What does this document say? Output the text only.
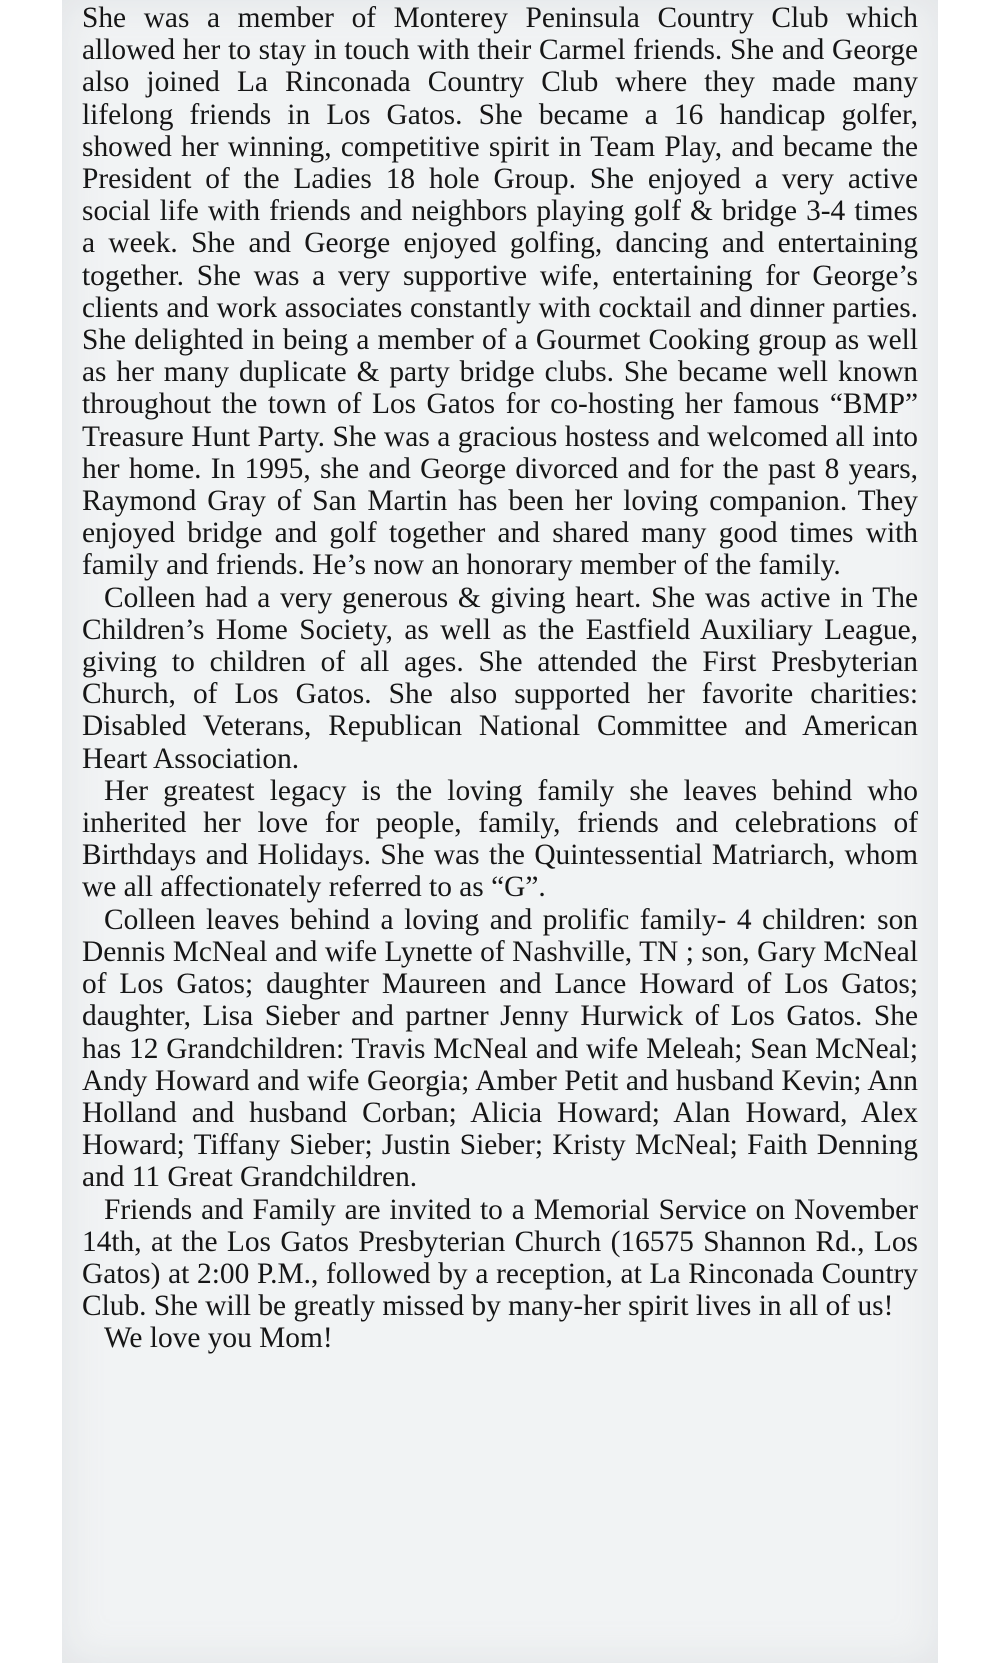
She was a member of Monterey Peninsula Country Club which allowed her to stay in touch with their Carmel friends. She and George also joined La Rinconada Country Club where they made many lifelong friends in Los Gatos. She became a 16 handicap golfer, showed her winning, competitive spirit in Team Play, and became the President of the Ladies 18 hole Group. She enjoyed a very active social life with friends and neighbors playing golf & bridge 3-4 times a week. She and George enjoyed golfing, dancing and entertaining together. She was a very supportive wife, entertaining for George’s clients and work associates constantly with cocktail and dinner parties. She delighted in being a member of a Gourmet Cooking group as well as her many duplicate & party bridge clubs. She became well known throughout the town of Los Gatos for co-hosting her famous “BMP” Treasure Hunt Party. She was a gracious hostess and welcomed all into her home. In 1995, she and George divorced and for the past 8 years, Raymond Gray of San Martin has been her loving companion. They enjoyed bridge and golf together and shared many good times with family and friends. He’s now an honorary member of the family.

Colleen had a very generous & giving heart. She was active in The Children’s Home Society, as well as the Eastfield Auxiliary League, giving to children of all ages. She attended the First Presbyterian Church, of Los Gatos. She also supported her favorite charities: Disabled Veterans, Republican National Committee and American Heart Association.

Her greatest legacy is the loving family she leaves behind who inherited her love for people, family, friends and celebrations of Birthdays and Holidays. She was the Quintessential Matriarch, whom we all affectionately referred to as “G”.

Colleen leaves behind a loving and prolific family- 4 children: son Dennis McNeal and wife Lynette of Nashville, TN ; son, Gary McNeal of Los Gatos; daughter Maureen and Lance Howard of Los Gatos; daughter, Lisa Sieber and partner Jenny Hurwick of Los Gatos. She has 12 Grandchildren: Travis McNeal and wife Meleah; Sean McNeal; Andy Howard and wife Georgia; Amber Petit and husband Kevin; Ann Holland and husband Corban; Alicia Howard; Alan Howard, Alex Howard; Tiffany Sieber; Justin Sieber; Kristy McNeal; Faith Denning and 11 Great Grandchildren.

Friends and Family are invited to a Memorial Service on November 14th, at the Los Gatos Presbyterian Church (16575 Shannon Rd., Los Gatos) at 2:00 P.M., followed by a reception, at La Rinconada Country Club. She will be greatly missed by many-her spirit lives in all of us!

We love you Mom!
